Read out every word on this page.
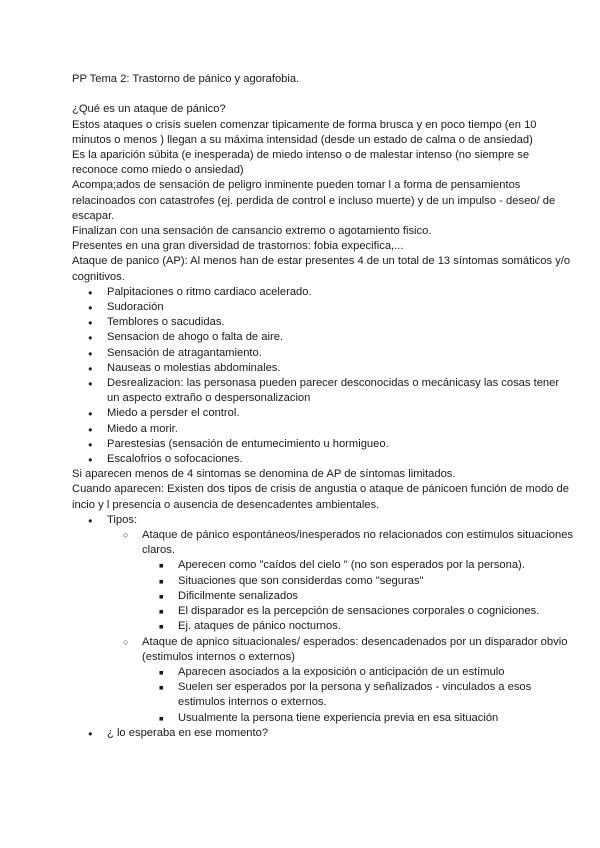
PP Tema 2: Trastorno de pánico y agorafobia.

¿Qué es un ataque de pánico?

Estos ataques o crisis suelen comenzar tipicamente de forma brusca y en poco tiempo (en 10 minutos o menos ) llegan a su máxima intensidad (desde un estado de calma o de ansiedad)

Es la aparición súbita (e inesperada) de miedo intenso o de malestar intenso (no siempre se reconoce como miedo o ansiedad)

Acompa;ados de sensación de peligro inminente pueden tomar l a forma de pensamientos relacinoados con catastrofes (ej. perdida de control e incluso muerte) y de un impulso - deseo/ de escapar.

Finalizan con una sensación de cansancio extremo o agotamiento fisico.

Presentes en una gran diversidad de trastornos: fobia expecifica,...

Ataque de panico (AP): Al menos han de estar presentes 4 de un total de 13 síntomas somáticos y/o cognitivos.

● Palpitaciones o ritmo cardiaco acelerado.
● Sudoración
● Temblores o sacudidas.
● Sensacion de ahogo o falta de aire.
● Sensación de atragantamiento.
● Nauseas o molestias abdominales.
● Desrealizacion: las personasa pueden parecer desconocidas o mecánicasy las cosas tener un aspecto extraño o despersonalizacion
● Miedo a persder el control.
● Miedo a morir.
● Parestesias (sensación de entumecimiento u hormigueo.
● Escalofrios o sofocaciones.

Si aparecen menos de 4 sintomas se denomina de AP de síntomas limitados.

Cuando aparecen: Existen dos tipos de crisis de angustia o ataque de pánicoen función de modo de incio y l presencia o ausencia de desencadentes ambientales.

● Tipos:
○ Ataque de pánico espontáneos/inesperados no relacionados con estimulos situaciones claros.
■ Aperecen como "caídos del cielo " (no son esperados por la persona).
■ Situaciones que son considerdas como "seguras"
■ Dificilmente senalizados
■ El disparador es la percepción de sensaciones corporales o cogniciones.
■ Ej. ataques de pánico nocturnos.
○ Ataque de apnico situacionales/ esperados: desencadenados por un disparador obvio (estimulos internos o externos)
■ Aparecen asociados a la exposición o anticipación de un estímulo
■ Suelen ser esperados por la persona y señalizados - vinculados a esos estimulos internos o externos.
■ Usualmente la persona tiene experiencia previa en esa situación
● ¿ lo esperaba en ese momento?
